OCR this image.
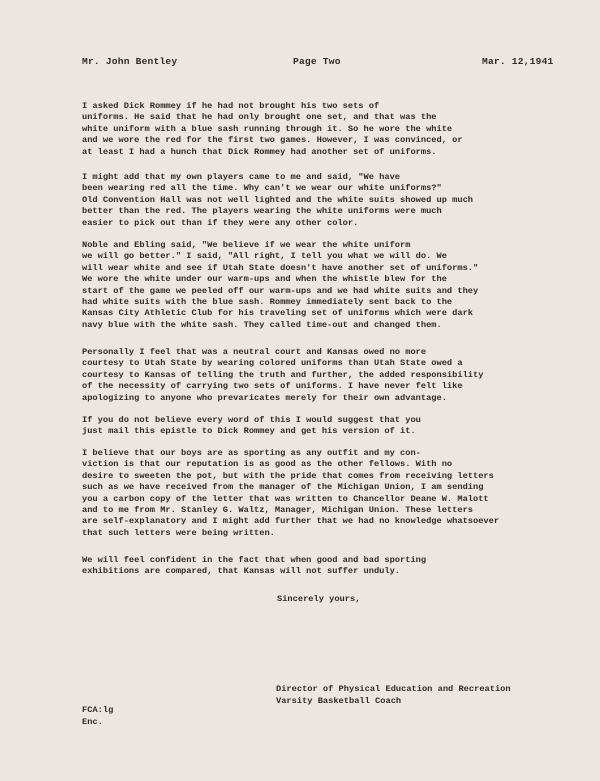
Mr. John Bentley	Page Two	Mar. 12,1941

I asked Dick Rommey if he had not brought his two sets of
uniforms. He said that he had only brought one set, and that was the
white uniform with a blue sash running through it. So he wore the white
and we wore the red for the first two games. However, I was convinced, or
at least I had a hunch that Dick Rommey had another set of uniforms.

I might add that my own players came to me and said, "We have
been wearing red all the time. Why can't we wear our white uniforms?"
Old Convention Hall was not well lighted and the white suits showed up much
better than the red. The players wearing the white uniforms were much
easier to pick out than if they were any other color.

Noble and Ebling said, "We believe if we wear the white uniform
we will go better." I said, "All right, I tell you what we will do. We
will wear white and see if Utah State doesn't have another set of uniforms."
We wore the white under our warm-ups and when the whistle blew for the
start of the game we peeled off our warm-ups and we had white suits and they
had white suits with the blue sash. Rommey immediately sent back to the
Kansas City Athletic Club for his traveling set of uniforms which were dark
navy blue with the white sash. They called time-out and changed them.

Personally I feel that was a neutral court and Kansas owed no more
courtesy to Utah State by wearing colored uniforms than Utah State owed a
courtesy to Kansas of telling the truth and further, the added responsibility
of the necessity of carrying two sets of uniforms. I have never felt like
apologizing to anyone who prevaricates merely for their own advantage.

If you do not believe every word of this I would suggest that you
just mail this epistle to Dick Rommey and get his version of it.

I believe that our boys are as sporting as any outfit and my con-
viction is that our reputation is as good as the other fellows. With no
desire to sweeten the pot, but with the pride that comes from receiving letters
such as we have received from the manager of the Michigan Union, I am sending
you a carbon copy of the letter that was written to Chancellor Deane W. Malott
and to me from Mr. Stanley G. Waltz, Manager, Michigan Union. These letters
are self-explanatory and I might add further that we had no knowledge whatsoever
that such letters were being written.

We will feel confident in the fact that when good and bad sporting
exhibitions are compared, that Kansas will not suffer unduly.

Sincerely yours,
Director of Physical Education and Recreation
Varsity Basketball Coach
FCA:lg
Enc.
